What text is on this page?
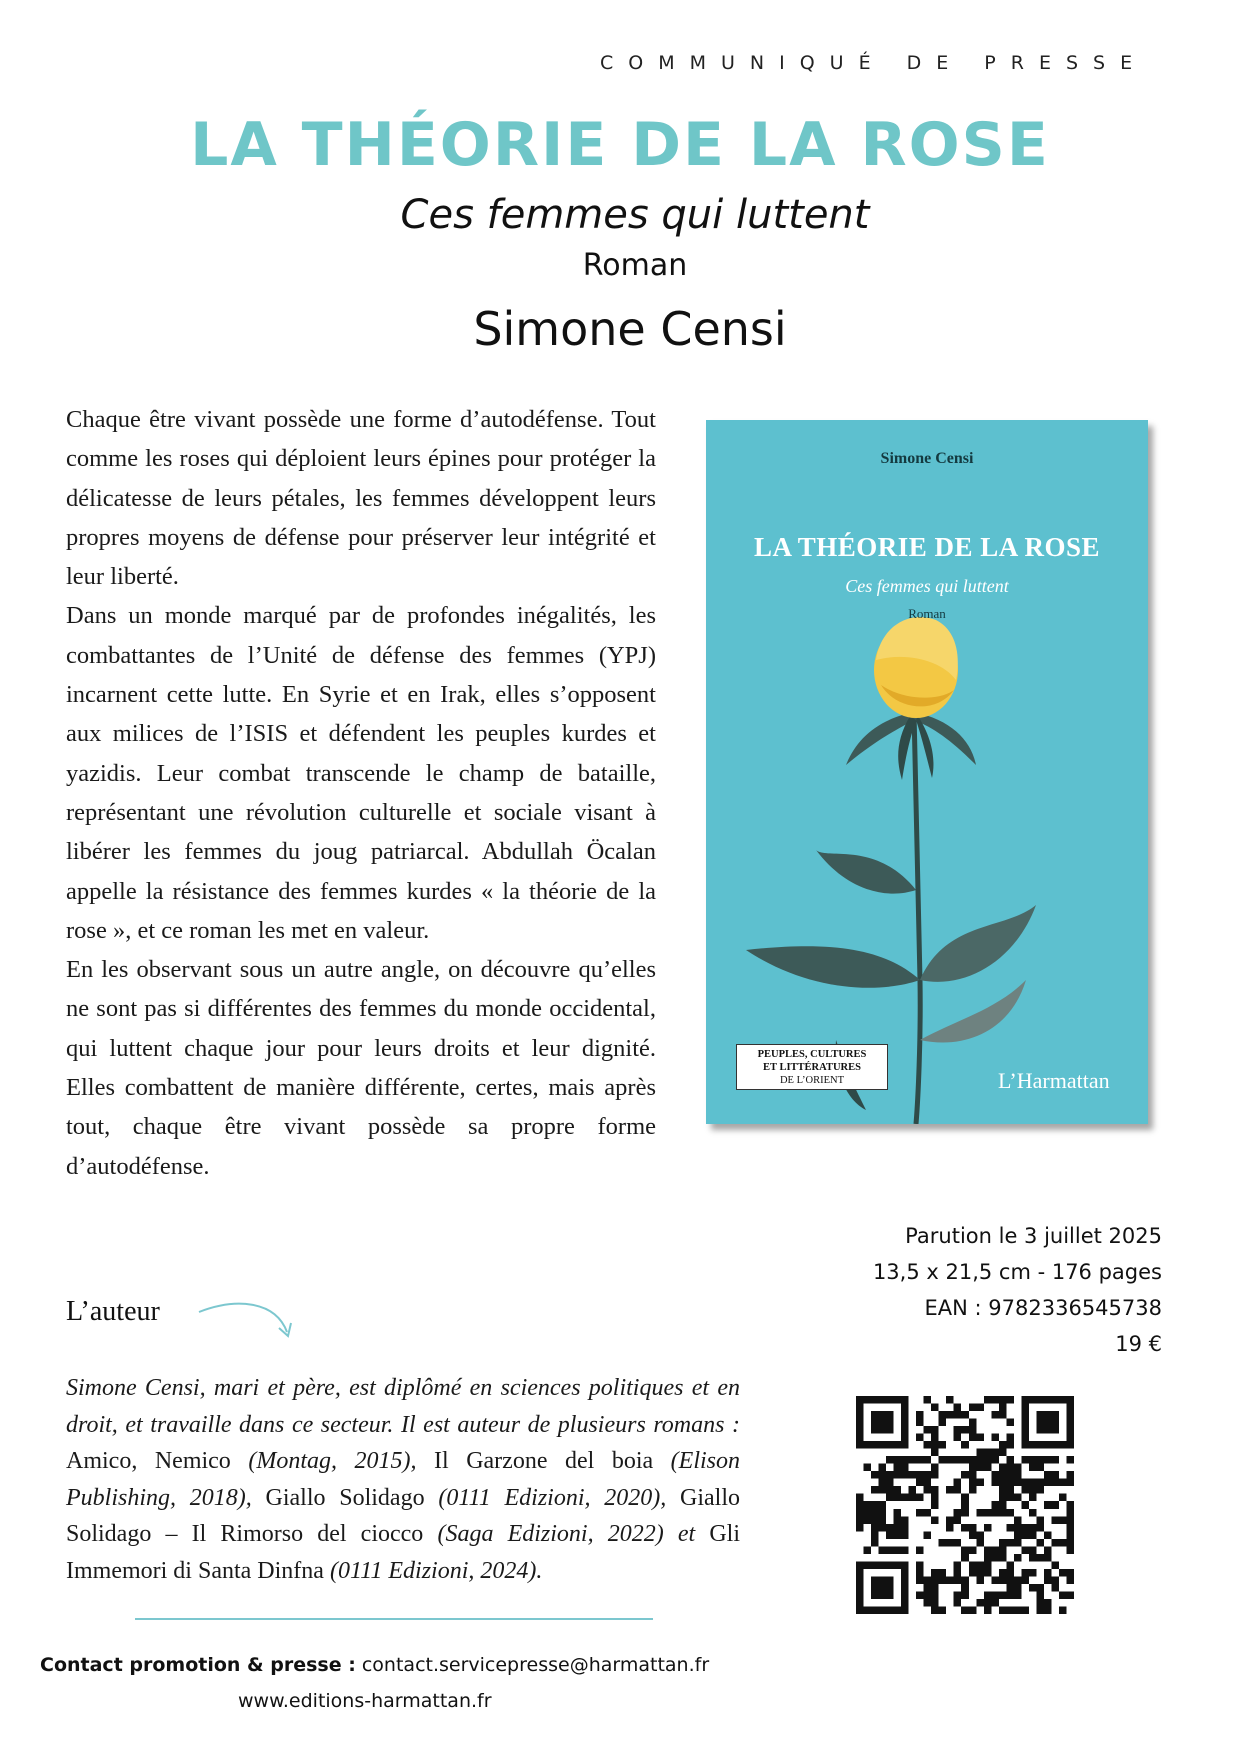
COMMUNIQUÉ DE PRESSE
LA THÉORIE DE LA ROSE
Ces femmes qui luttent
Roman
Simone Censi

Chaque être vivant possède une forme d’autodéfense. Tout comme les roses qui déploient leurs épines pour protéger la délicatesse de leurs pétales, les femmes développent leurs propres moyens de défense pour préserver leur intégrité et leur liberté.

Dans un monde marqué par de profondes inégalités, les combattantes de l’Unité de défense des femmes (YPJ) incarnent cette lutte. En Syrie et en Irak, elles s’opposent aux milices de l’ISIS et défendent les peuples kurdes et yazidis. Leur combat transcende le champ de bataille, représentant une révolution culturelle et sociale visant à libérer les femmes du joug patriarcal. Abdullah Öcalan appelle la résistance des femmes kurdes « la théorie de la rose », et ce roman les met en valeur.

En les observant sous un autre angle, on découvre qu’elles ne sont pas si différentes des femmes du monde occidental, qui luttent chaque jour pour leurs droits et leur dignité. Elles combattent de manière différente, certes, mais après tout, chaque être vivant possède sa propre forme d’autodéfense.

Simone Censi
LA THÉORIE DE LA ROSE
Ces femmes qui luttent
Roman
PEUPLES, CULTURES
ET LITTÉRATURES
DE L’ORIENT	L’Harmattan
Parution le 3 juillet 2025
13,5 x 21,5 cm - 176 pages
EAN : 9782336545738
19 €
L’auteur
Simone Censi, mari et père, est diplômé en sciences politiques et en droit, et travaille dans ce secteur. Il est auteur de plusieurs romans : Amico, Nemico (Montag, 2015), Il Garzone del boia (Elison Publishing, 2018), Giallo Solidago (0111 Edizioni, 2020), Giallo Solidago – Il Rimorso del ciocco (Saga Edizioni, 2022) et Gli Immemori di Santa Dinfna (0111 Edizioni, 2024).
Contact promotion & presse : contact.servicepresse@harmattan.fr
www.editions-harmattan.fr
